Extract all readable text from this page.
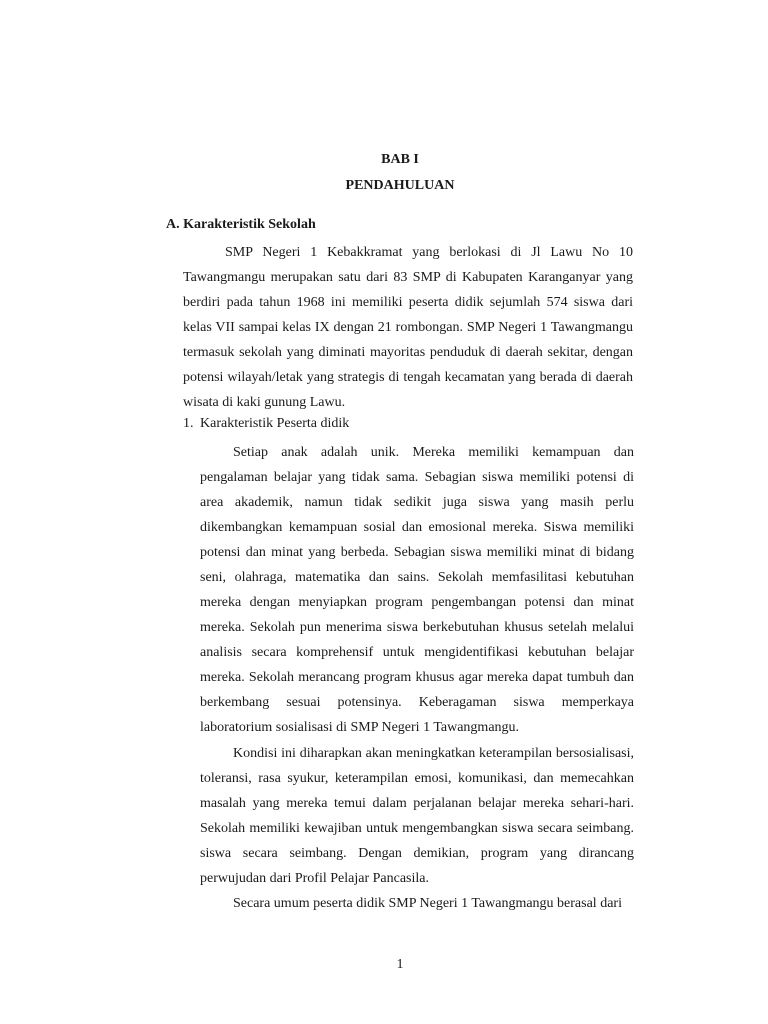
BAB I
PENDAHULUAN
A. Karakteristik Sekolah

SMP Negeri 1 Kebakkramat yang berlokasi di Jl Lawu No 10 Tawangmangu merupakan satu dari 83 SMP di Kabupaten Karanganyar yang berdiri pada tahun 1968 ini memiliki peserta didik sejumlah 574 siswa dari kelas VII sampai kelas IX dengan 21 rombongan. SMP Negeri 1 Tawangmangu termasuk sekolah yang diminati mayoritas penduduk di daerah sekitar, dengan potensi wilayah/letak yang strategis di tengah kecamatan yang berada di daerah wisata di kaki gunung Lawu.

1. Karakteristik Peserta didik

Setiap anak adalah unik. Mereka memiliki kemampuan dan pengalaman belajar yang tidak sama. Sebagian siswa memiliki potensi di area akademik, namun tidak sedikit juga siswa yang masih perlu dikembangkan kemampuan sosial dan emosional mereka. Siswa memiliki potensi dan minat yang berbeda. Sebagian siswa memiliki minat di bidang seni, olahraga, matematika dan sains. Sekolah memfasilitasi kebutuhan mereka dengan menyiapkan program pengembangan potensi dan minat mereka. Sekolah pun menerima siswa berkebutuhan khusus setelah melalui analisis secara komprehensif untuk mengidentifikasi kebutuhan belajar mereka. Sekolah merancang program khusus agar mereka dapat tumbuh dan berkembang sesuai potensinya. Keberagaman siswa memperkaya laboratorium sosialisasi di SMP Negeri 1 Tawangmangu.

Kondisi ini diharapkan akan meningkatkan keterampilan bersosialisasi, toleransi, rasa syukur, keterampilan emosi, komunikasi, dan memecahkan masalah yang mereka temui dalam perjalanan belajar mereka sehari-hari. Sekolah memiliki kewajiban untuk mengembangkan siswa secara seimbang. siswa secara seimbang. Dengan demikian, program yang dirancang perwujudan dari Profil Pelajar Pancasila.

Secara umum peserta didik SMP Negeri 1 Tawangmangu berasal dari

1
